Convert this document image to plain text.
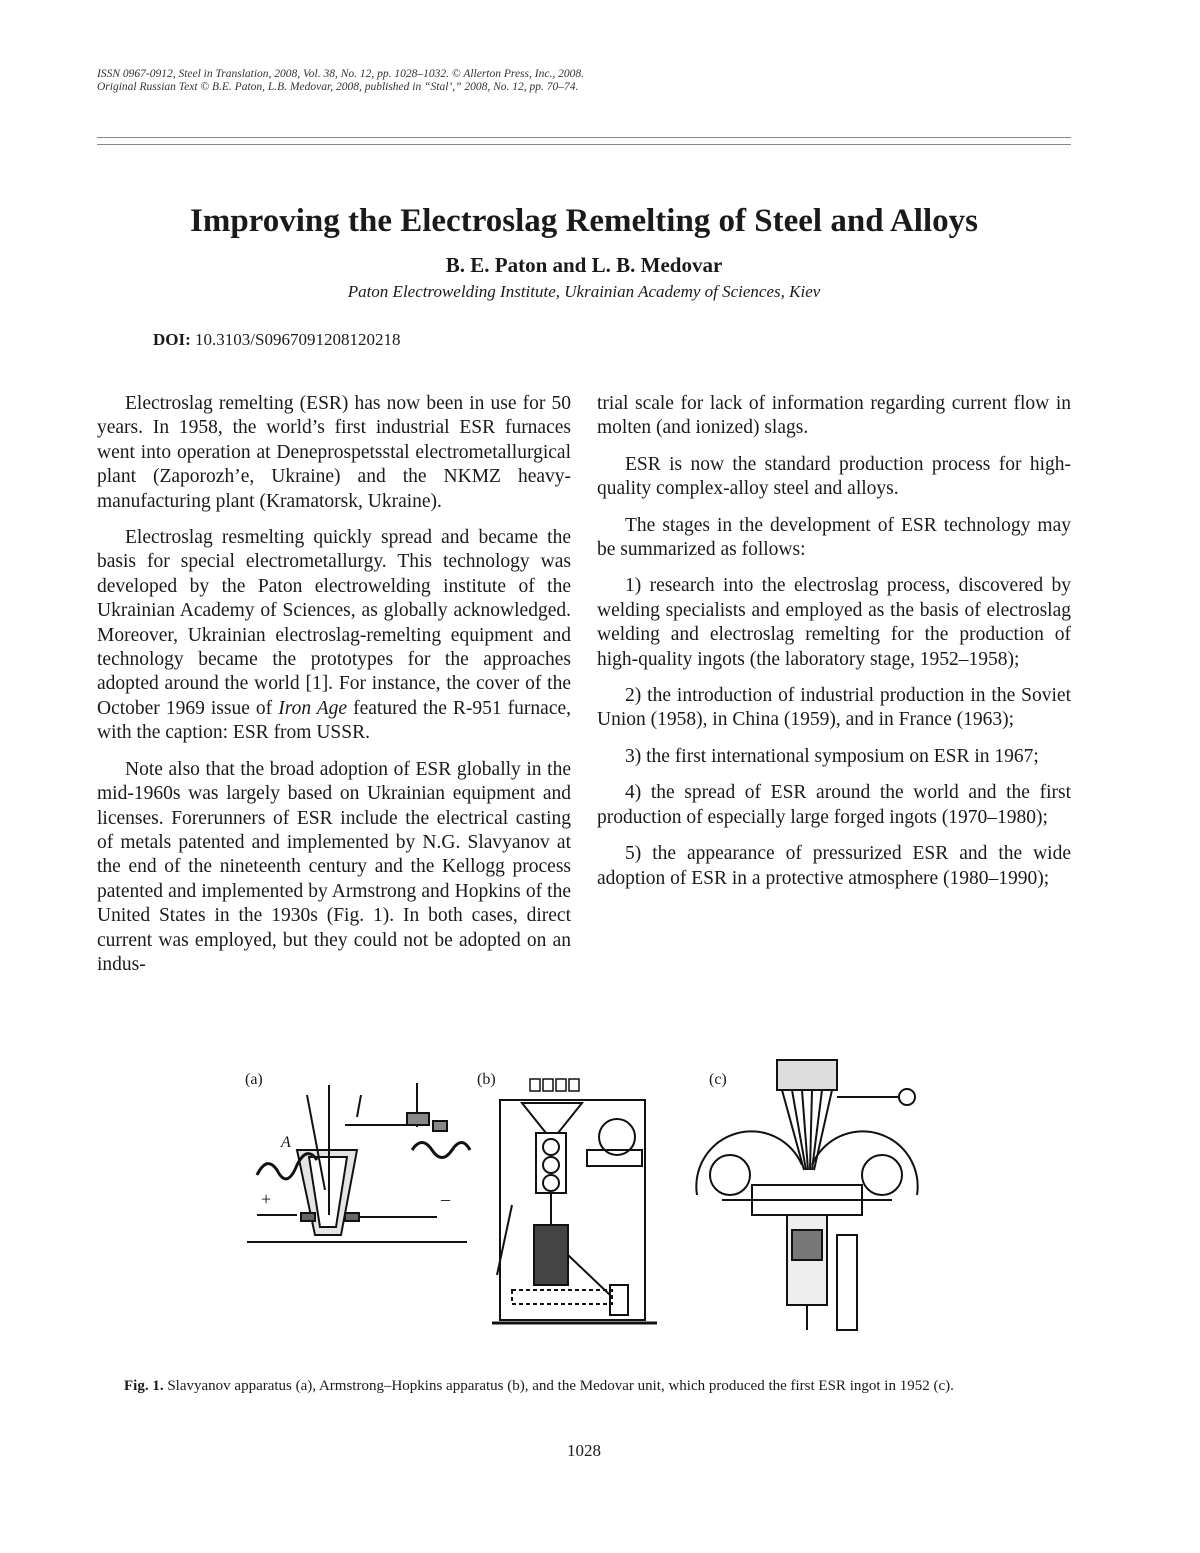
ISSN 0967-0912, Steel in Translation, 2008, Vol. 38, No. 12, pp. 1028–1032. © Allerton Press, Inc., 2008.
Original Russian Text © B.E. Paton, L.B. Medovar, 2008, published in “Stal’,” 2008, No. 12, pp. 70–74.
Improving the Electroslag Remelting of Steel and Alloys
B. E. Paton and L. B. Medovar
Paton Electrowelding Institute, Ukrainian Academy of Sciences, Kiev
DOI: 10.3103/S0967091208120218

Electroslag remelting (ESR) has now been in use for 50 years. In 1958, the world’s first industrial ESR furnaces went into operation at Deneprospetsstal electrometallurgical plant (Zaporozh’e, Ukraine) and the NKMZ heavy-manufacturing plant (Kramatorsk, Ukraine).

Electroslag resmelting quickly spread and became the basis for special electrometallurgy. This technology was developed by the Paton electrowelding institute of the Ukrainian Academy of Sciences, as globally acknowledged. Moreover, Ukrainian electroslag-remelting equipment and technology became the prototypes for the approaches adopted around the world [1]. For instance, the cover of the October 1969 issue of Iron Age featured the R-951 furnace, with the caption: ESR from USSR.

Note also that the broad adoption of ESR globally in the mid-1960s was largely based on Ukrainian equipment and licenses. Forerunners of ESR include the electrical casting of metals patented and implemented by N.G. Slavyanov at the end of the nineteenth century and the Kellogg process patented and implemented by Armstrong and Hopkins of the United States in the 1930s (Fig. 1). In both cases, direct current was employed, but they could not be adopted on an indus-

trial scale for lack of information regarding current flow in molten (and ionized) slags.

ESR is now the standard production process for high-quality complex-alloy steel and alloys.

The stages in the development of ESR technology may be summarized as follows:

1) research into the electroslag process, discovered by welding specialists and employed as the basis of electroslag welding and electroslag remelting for the production of high-quality ingots (the laboratory stage, 1952–1958);

2) the introduction of industrial production in the Soviet Union (1958), in China (1959), and in France (1963);

3) the first international symposium on ESR in 1967;

4) the spread of ESR around the world and the first production of especially large forged ingots (1970–1980);

5) the appearance of pressurized ESR and the wide adoption of ESR in a protective atmosphere (1980–1990);

(a)	(b)	(c)
A
+	–
Fig. 1. Slavyanov apparatus (a), Armstrong–Hopkins apparatus (b), and the Medovar unit, which produced the first ESR ingot in 1952 (c).
1028
